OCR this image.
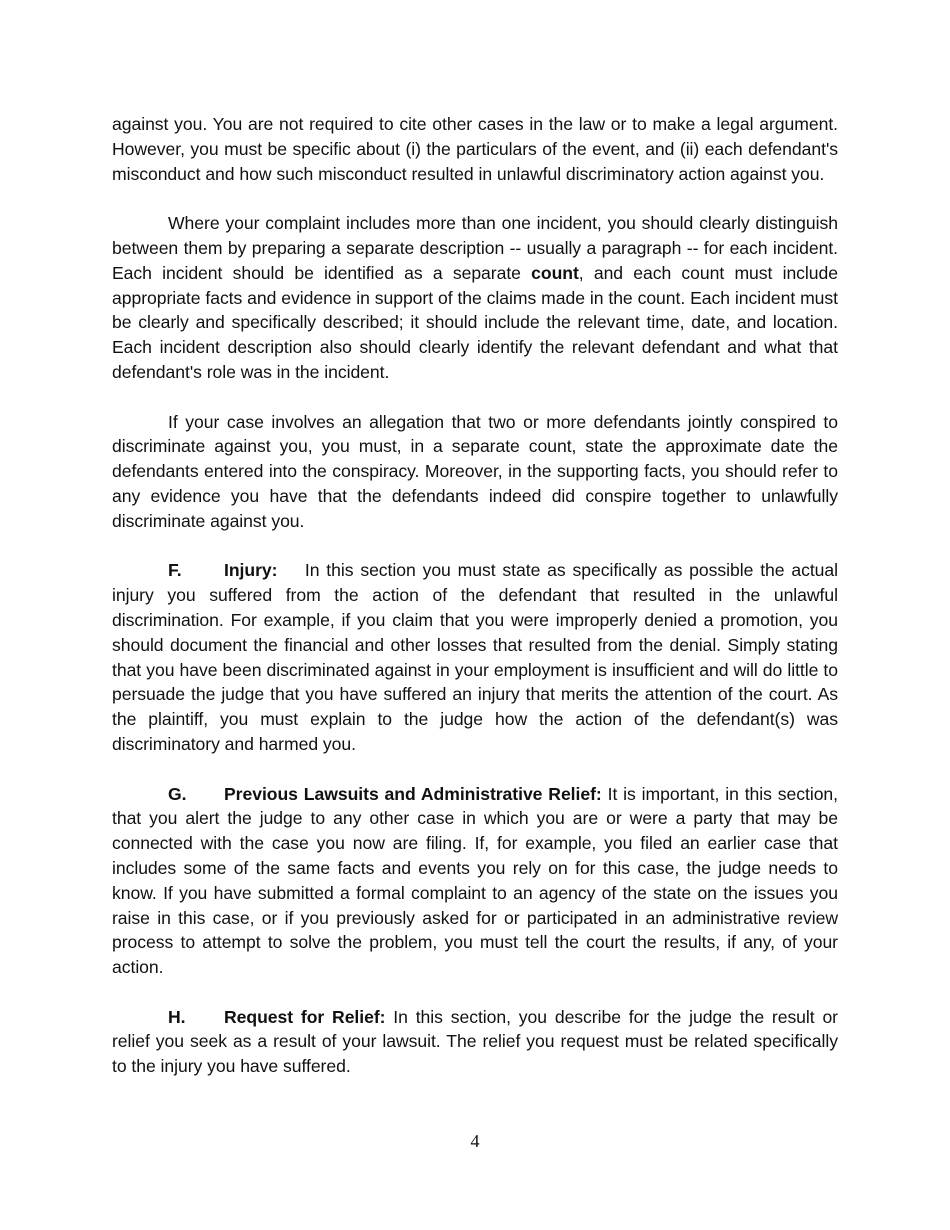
against you. You are not required to cite other cases in the law or to make a legal argument. However, you must be specific about (i) the particulars of the event, and (ii) each defendant's misconduct and how such misconduct resulted in unlawful discriminatory action against you.

Where your complaint includes more than one incident, you should clearly distinguish between them by preparing a separate description -- usually a paragraph -- for each incident. Each incident should be identified as a separate count, and each count must include appropriate facts and evidence in support of the claims made in the count. Each incident must be clearly and specifically described; it should include the relevant time, date, and location. Each incident description also should clearly identify the relevant defendant and what that defendant's role was in the incident.

If your case involves an allegation that two or more defendants jointly conspired to discriminate against you, you must, in a separate count, state the approximate date the defendants entered into the conspiracy. Moreover, in the supporting facts, you should refer to any evidence you have that the defendants indeed did conspire together to unlawfully discriminate against you.

F. Injury: In this section you must state as specifically as possible the actual injury you suffered from the action of the defendant that resulted in the unlawful discrimination. For example, if you claim that you were improperly denied a promotion, you should document the financial and other losses that resulted from the denial. Simply stating that you have been discriminated against in your employment is insufficient and will do little to persuade the judge that you have suffered an injury that merits the attention of the court. As the plaintiff, you must explain to the judge how the action of the defendant(s) was discriminatory and harmed you.

G. Previous Lawsuits and Administrative Relief: It is important, in this section, that you alert the judge to any other case in which you are or were a party that may be connected with the case you now are filing. If, for example, you filed an earlier case that includes some of the same facts and events you rely on for this case, the judge needs to know. If you have submitted a formal complaint to an agency of the state on the issues you raise in this case, or if you previously asked for or participated in an administrative review process to attempt to solve the problem, you must tell the court the results, if any, of your action.

H. Request for Relief: In this section, you describe for the judge the result or relief you seek as a result of your lawsuit. The relief you request must be related specifically to the injury you have suffered.

4
